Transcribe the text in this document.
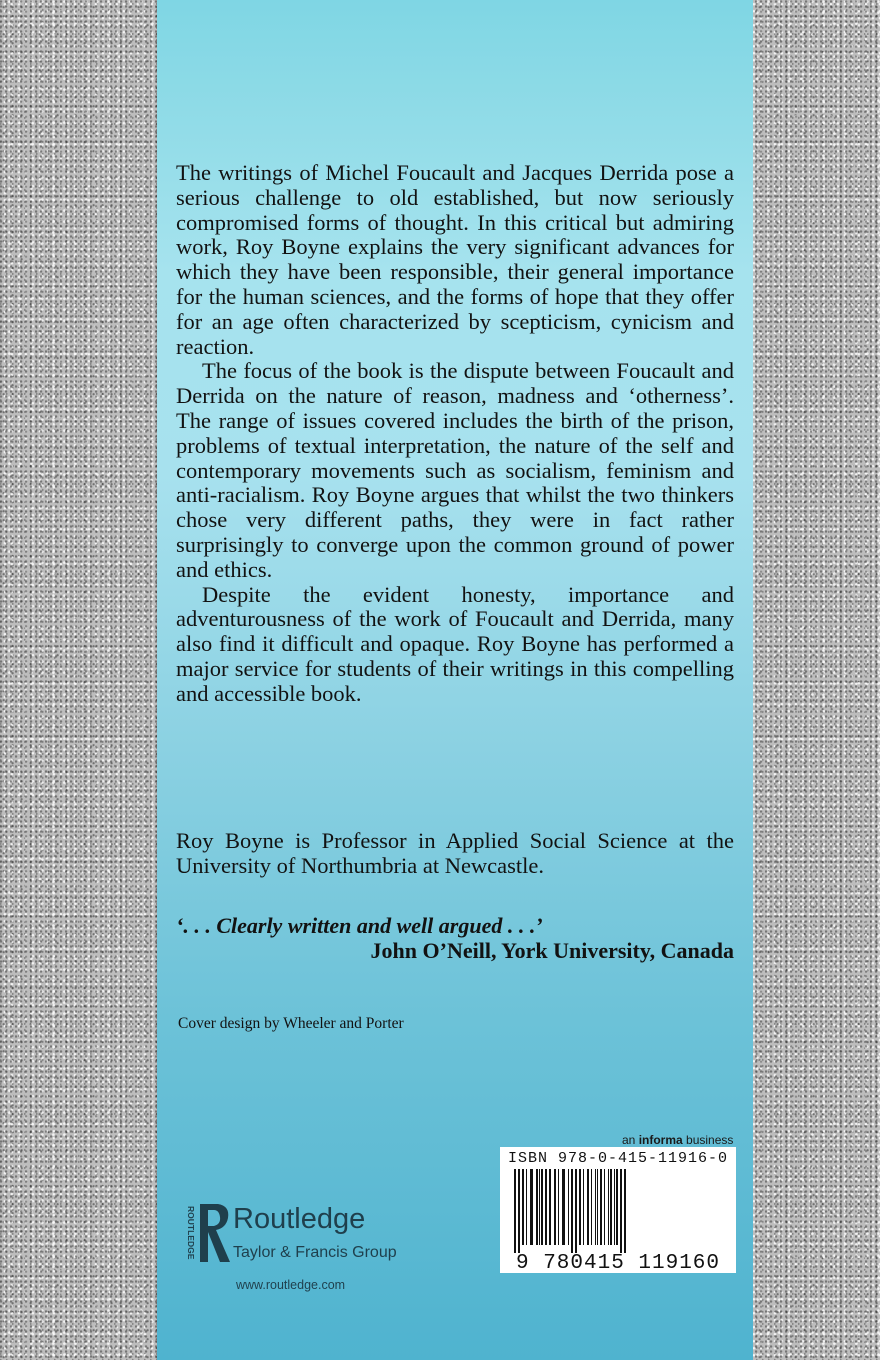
The writings of Michel Foucault and Jacques Derrida pose a serious challenge to old established, but now seriously compromised forms of thought. In this critical but admiring work, Roy Boyne explains the very significant advances for which they have been responsible, their general importance for the human sciences, and the forms of hope that they offer for an age often characterized by scepticism, cynicism and reaction.

The focus of the book is the dispute between Foucault and Derrida on the nature of reason, madness and ‘otherness’. The range of issues covered includes the birth of the prison, problems of textual interpretation, the nature of the self and contemporary movements such as socialism, feminism and anti-racialism. Roy Boyne argues that whilst the two thinkers chose very different paths, they were in fact rather surprisingly to converge upon the common ground of power and ethics.

Despite the evident honesty, importance and adventurousness of the work of Foucault and Derrida, many also find it difficult and opaque. Roy Boyne has performed a major service for students of their writings in this compelling and accessible book.

Roy Boyne is Professor in Applied Social Science at the University of Northumbria at Newcastle.

‘. . . Clearly written and well argued . . .’
John O’Neill, York University, Canada
Cover design by Wheeler and Porter
an informa business
ISBN 978-0-415-11916-0
9 780415 119160
ROUTLEDGE Routledge
Taylor & Francis Group
www.routledge.com
